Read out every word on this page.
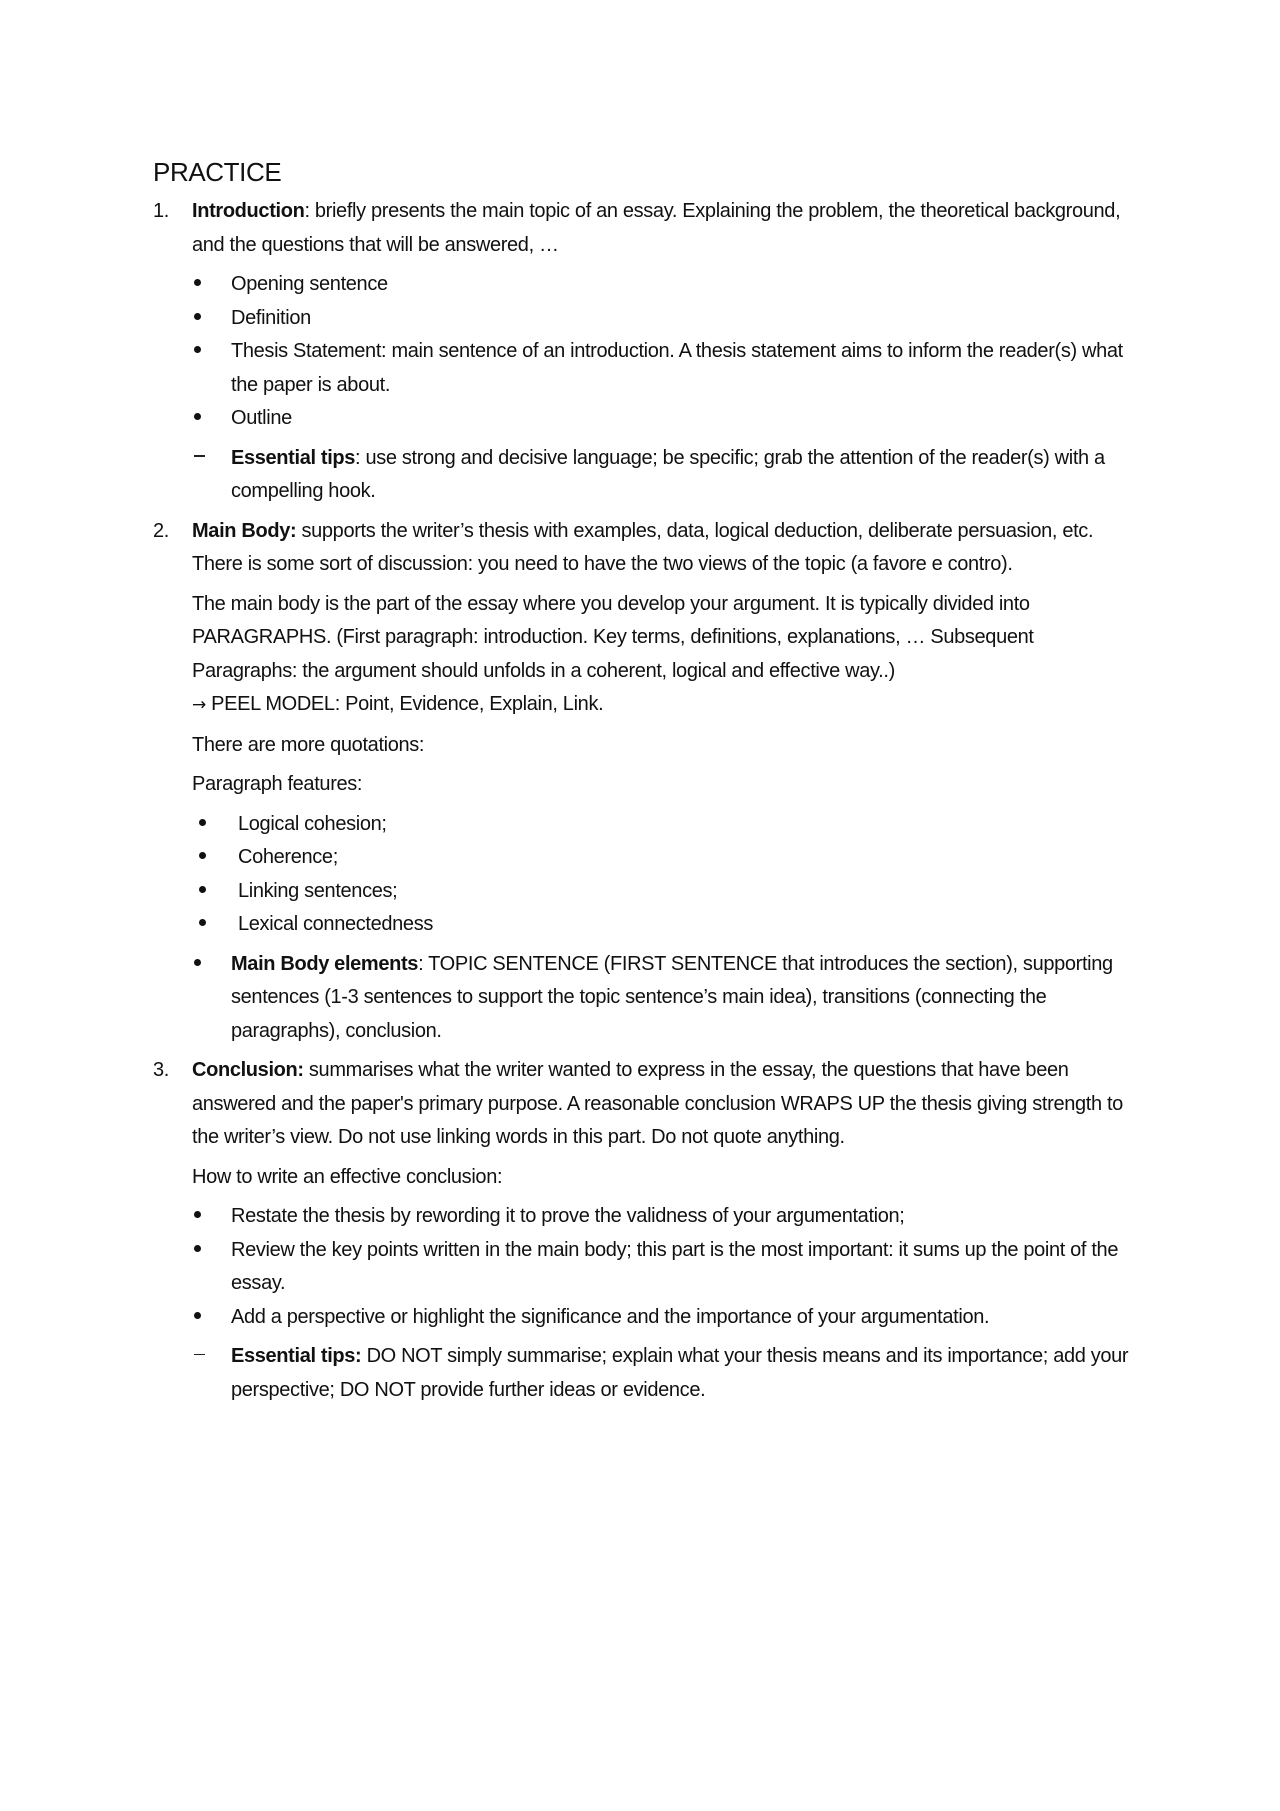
PRACTICE
1. Introduction: briefly presents the main topic of an essay. Explaining the problem, the theoretical background, and the questions that will be answered, …
Opening sentence
Definition
Thesis Statement: main sentence of an introduction. A thesis statement aims to inform the reader(s) what the paper is about.
Outline
Essential tips: use strong and decisive language; be specific; grab the attention of the reader(s) with a compelling hook.
2. Main Body: supports the writer’s thesis with examples, data, logical deduction, deliberate persuasion, etc. There is some sort of discussion: you need to have the two views of the topic (a favore e contro).
The main body is the part of the essay where you develop your argument. It is typically divided into PARAGRAPHS. (First paragraph: introduction. Key terms, definitions, explanations, … Subsequent Paragraphs: the argument should unfolds in a coherent, logical and effective way..)
→ PEEL MODEL: Point, Evidence, Explain, Link.
There are more quotations:
Paragraph features:
Logical cohesion;
Coherence;
Linking sentences;
Lexical connectedness
Main Body elements: TOPIC SENTENCE (FIRST SENTENCE that introduces the section), supporting sentences (1-3 sentences to support the topic sentence’s main idea), transitions (connecting the paragraphs), conclusion.
3. Conclusion: summarises what the writer wanted to express in the essay, the questions that have been answered and the paper's primary purpose. A reasonable conclusion WRAPS UP the thesis giving strength to the writer’s view. Do not use linking words in this part. Do not quote anything.
How to write an effective conclusion:
Restate the thesis by rewording it to prove the validness of your argumentation;
Review the key points written in the main body; this part is the most important: it sums up the point of the essay.
Add a perspective or highlight the significance and the importance of your argumentation.
Essential tips: DO NOT simply summarise; explain what your thesis means and its importance; add your perspective; DO NOT provide further ideas or evidence.
